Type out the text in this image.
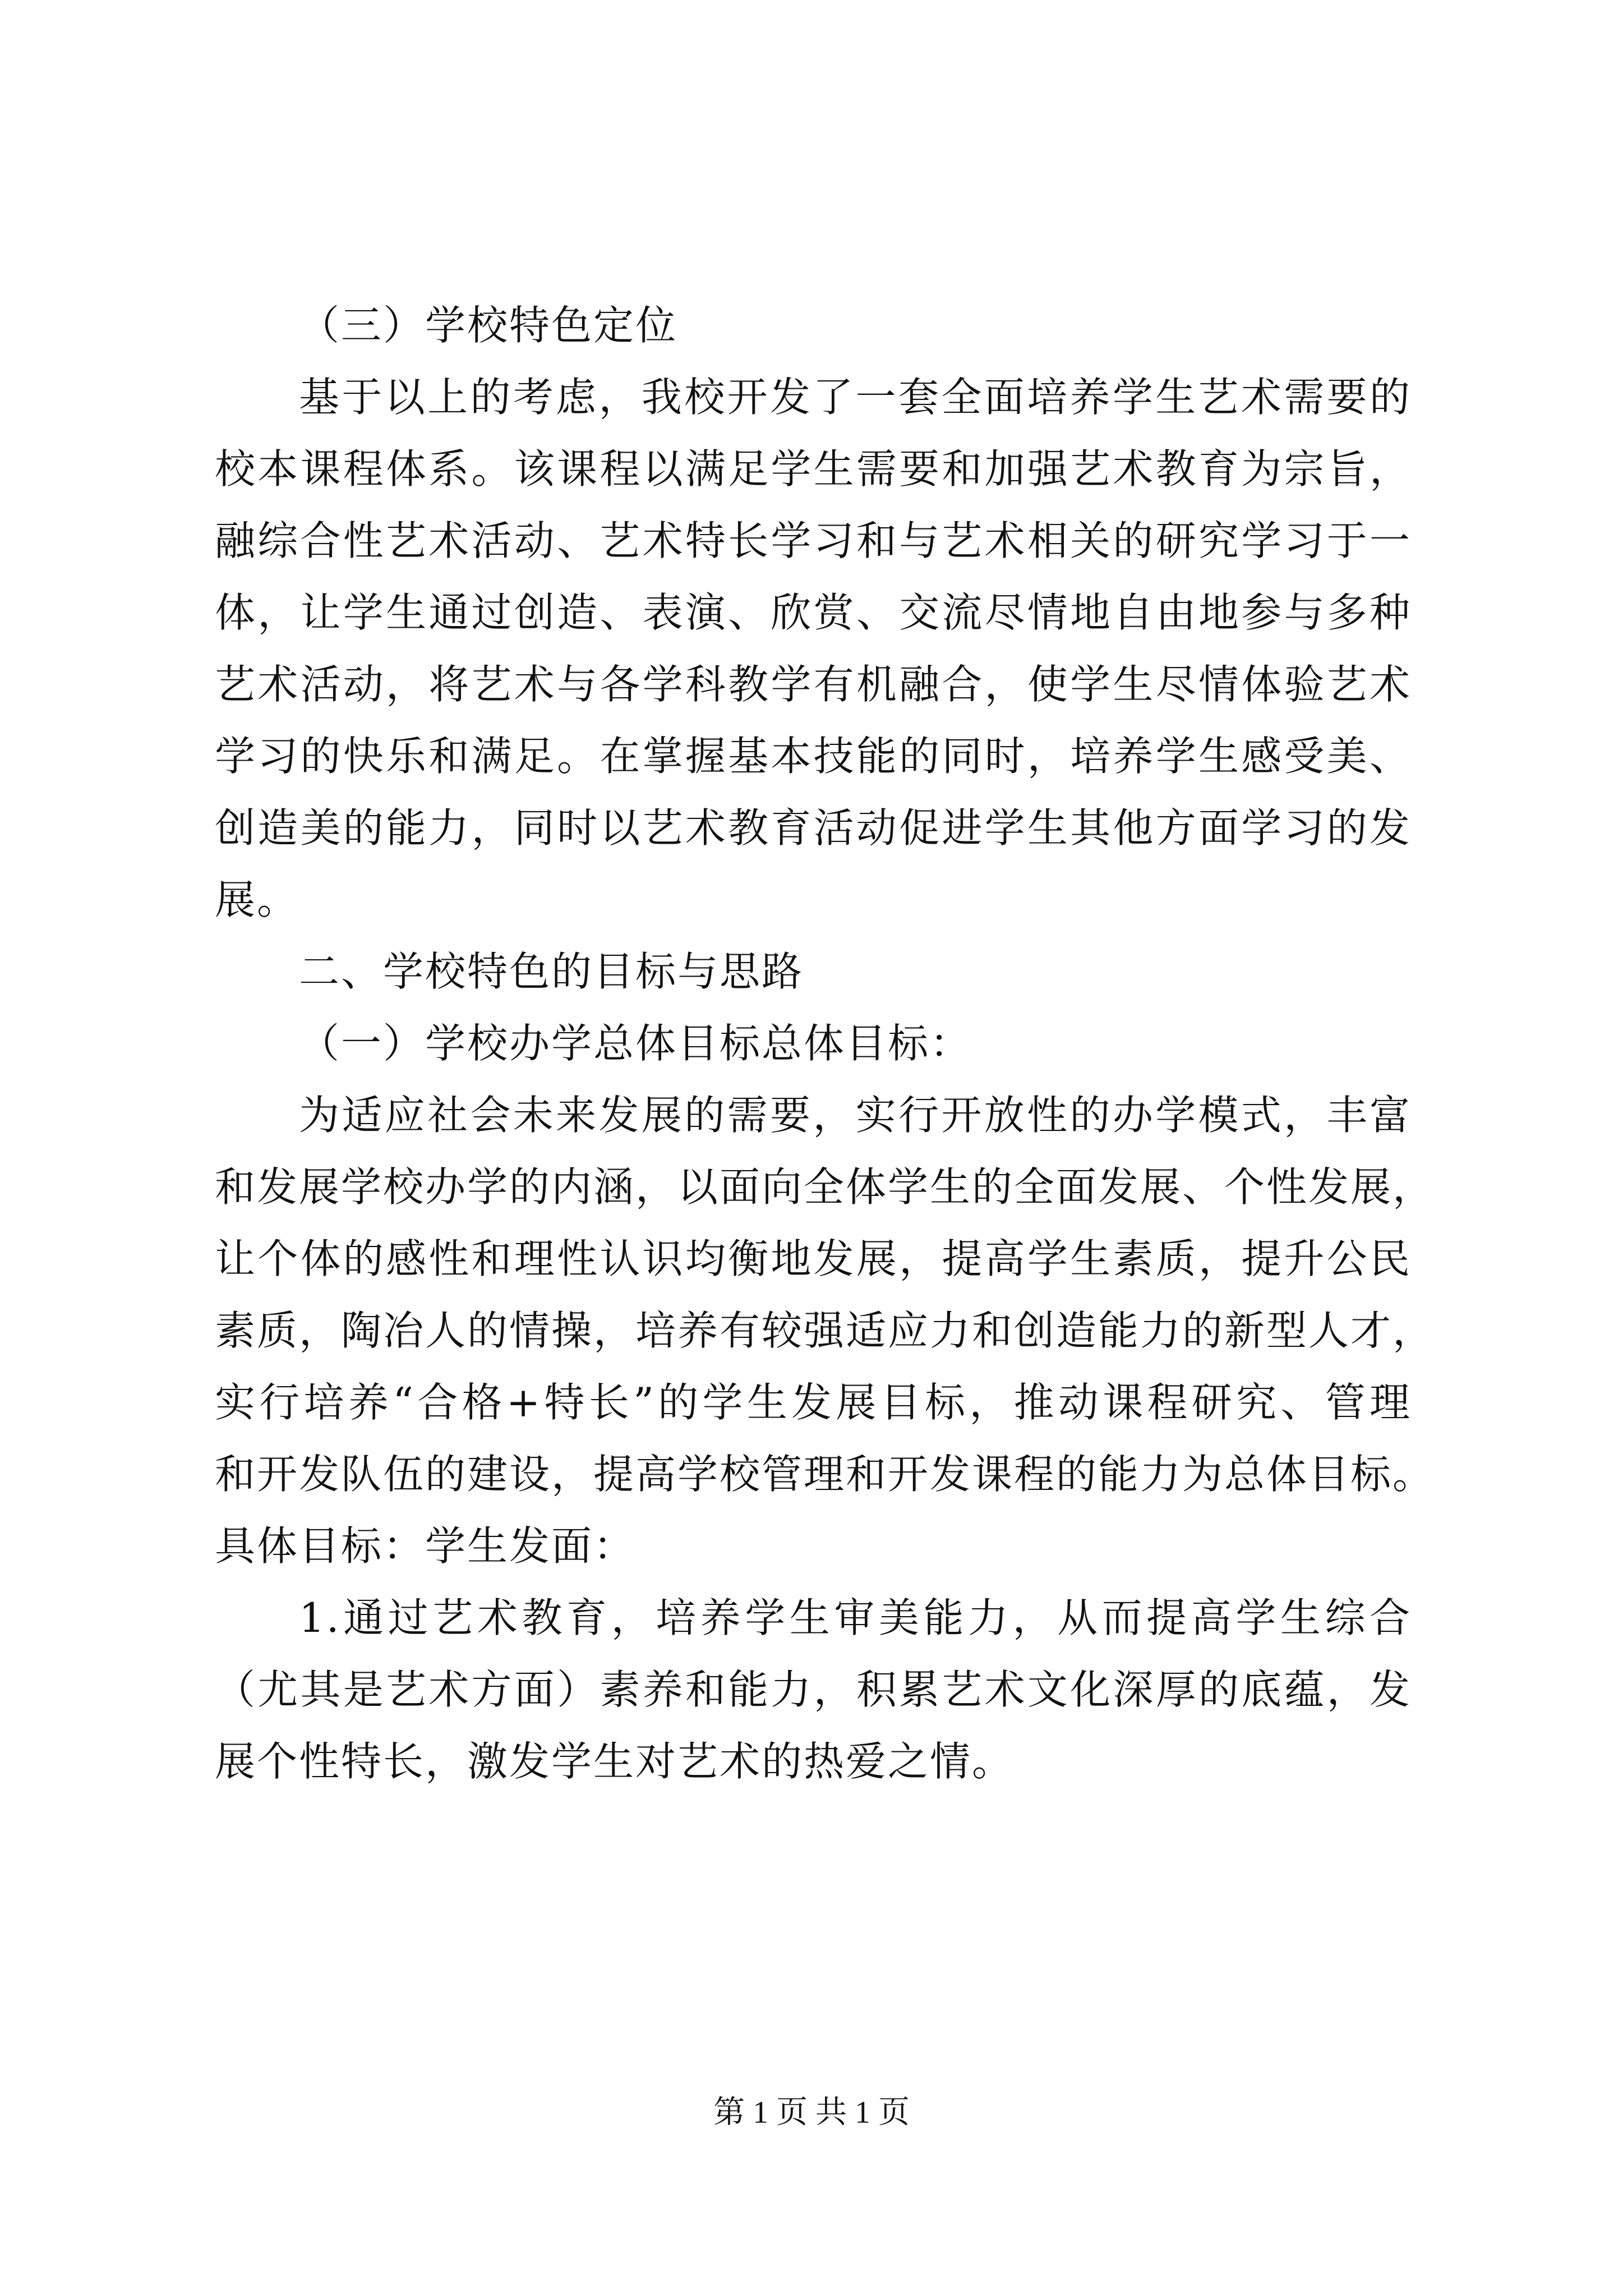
（三）学校特色定位
基于以上的考虑，我校开发了一套全面培养学生艺术需要的
校本课程体系。该课程以满足学生需要和加强艺术教育为宗旨，
融综合性艺术活动、艺术特长学习和与艺术相关的研究学习于一
体，让学生通过创造、表演、欣赏、交流尽情地自由地参与多种
艺术活动，将艺术与各学科教学有机融合，使学生尽情体验艺术
学习的快乐和满足。在掌握基本技能的同时，培养学生感受美、
创造美的能力，同时以艺术教育活动促进学生其他方面学习的发
展。
二、学校特色的目标与思路
（一）学校办学总体目标总体目标：
为适应社会未来发展的需要，实行开放性的办学模式，丰富
和发展学校办学的内涵，以面向全体学生的全面发展、个性发展，
让个体的感性和理性认识均衡地发展，提高学生素质，提升公民
素质，陶冶人的情操，培养有较强适应力和创造能力的新型人才，
实行培养“合格+特长”的学生发展目标，推动课程研究、管理
和开发队伍的建设，提高学校管理和开发课程的能力为总体目标。
具体目标：学生发面：
1.通过艺术教育，培养学生审美能力，从而提高学生综合
（尤其是艺术方面）素养和能力，积累艺术文化深厚的底蕴，发
展个性特长，激发学生对艺术的热爱之情。
第 1 页 共 1 页
